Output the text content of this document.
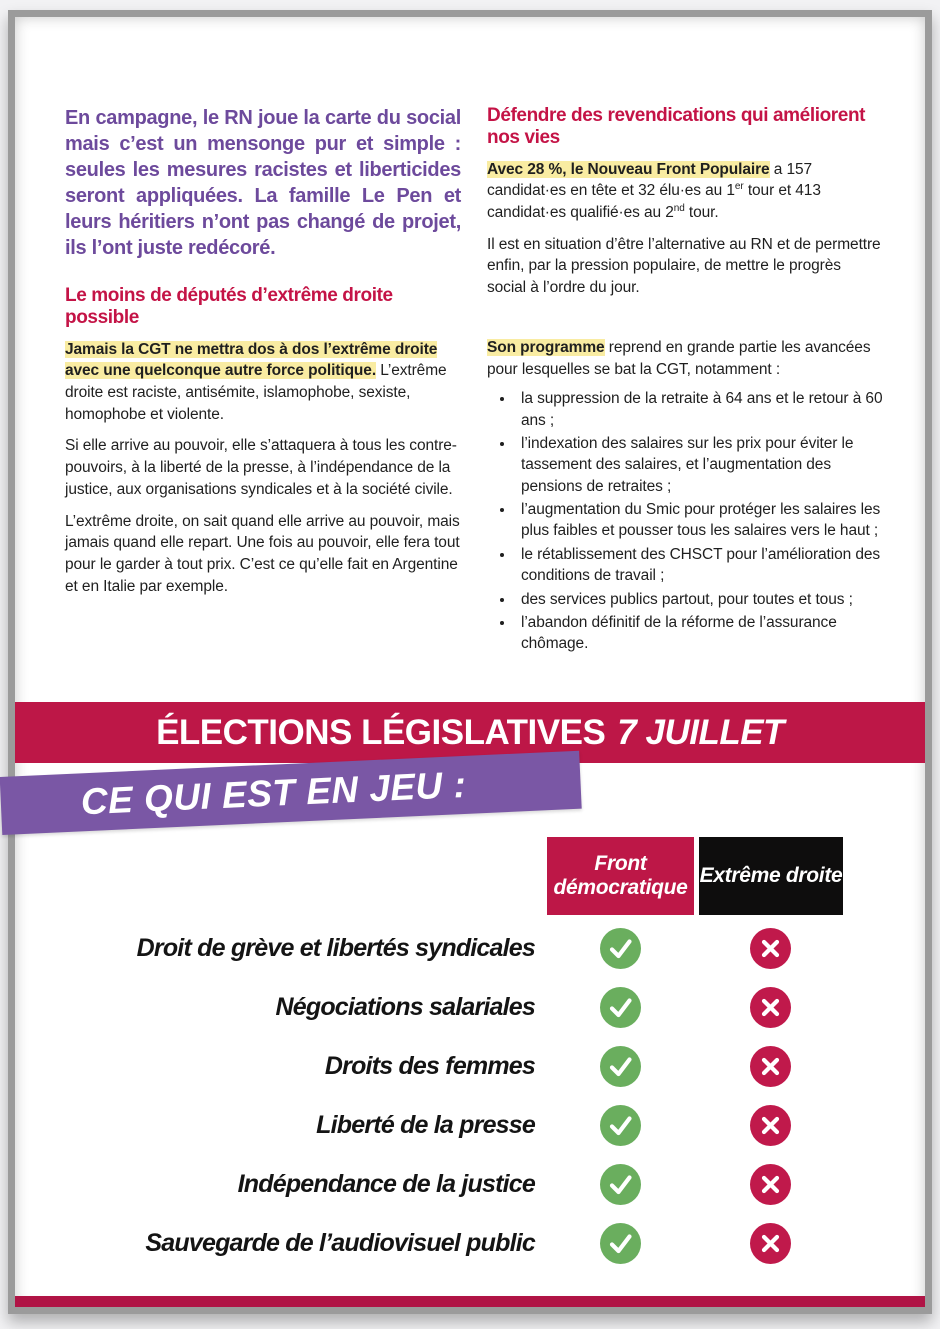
En campagne, le RN joue la carte du social mais c’est un mensonge pur et simple : seules les mesures racistes et liberticides seront appliquées. La famille Le Pen et leurs héritiers n’ont pas changé de projet, ils l’ont juste redécoré.

Le moins de députés d’extrême droite possible

Jamais la CGT ne mettra dos à dos l’extrême droite avec une quelconque autre force politique. L’extrême droite est raciste, antisémite, islamophobe, sexiste, homophobe et violente.

Si elle arrive au pouvoir, elle s’attaquera à tous les contre-pouvoirs, à la liberté de la presse, à l’indépendance de la justice, aux organisations syndicales et à la société civile.

L’extrême droite, on sait quand elle arrive au pouvoir, mais jamais quand elle repart. Une fois au pouvoir, elle fera tout pour le garder à tout prix. C’est ce qu’elle fait en Argentine et en Italie par exemple.

Défendre des revendications qui améliorent nos vies

Avec 28 %, le Nouveau Front Populaire a 157 candidat·es en tête et 32 élu·es au 1er tour et 413 candidat·es qualifié·es au 2nd tour.

Il est en situation d’être l’alternative au RN et de permettre enfin, par la pression populaire, de mettre le progrès social à l’ordre du jour.

Son programme reprend en grande partie les avancées pour lesquelles se bat la CGT, notamment :

• la suppression de la retraite à 64 ans et le retour à 60 ans ;
• l’indexation des salaires sur les prix pour éviter le tassement des salaires, et l’augmentation des pensions de retraites ;
• l’augmentation du Smic pour protéger les salaires les plus faibles et pousser tous les salaires vers le haut ;
• le rétablissement des CHSCT pour l’amélioration des conditions de travail ;
• des services publics partout, pour toutes et tous ;
• l’abandon définitif de la réforme de l’assurance chômage.
ÉLECTIONS LÉGISLATIVES 7 JUILLET
CE QUI EST EN JEU :
Front démocratique
Extrême droite
Droit de grève et libertés syndicales
Négociations salariales
Droits des femmes
Liberté de la presse
Indépendance de la justice
Sauvegarde de l’audiovisuel public
